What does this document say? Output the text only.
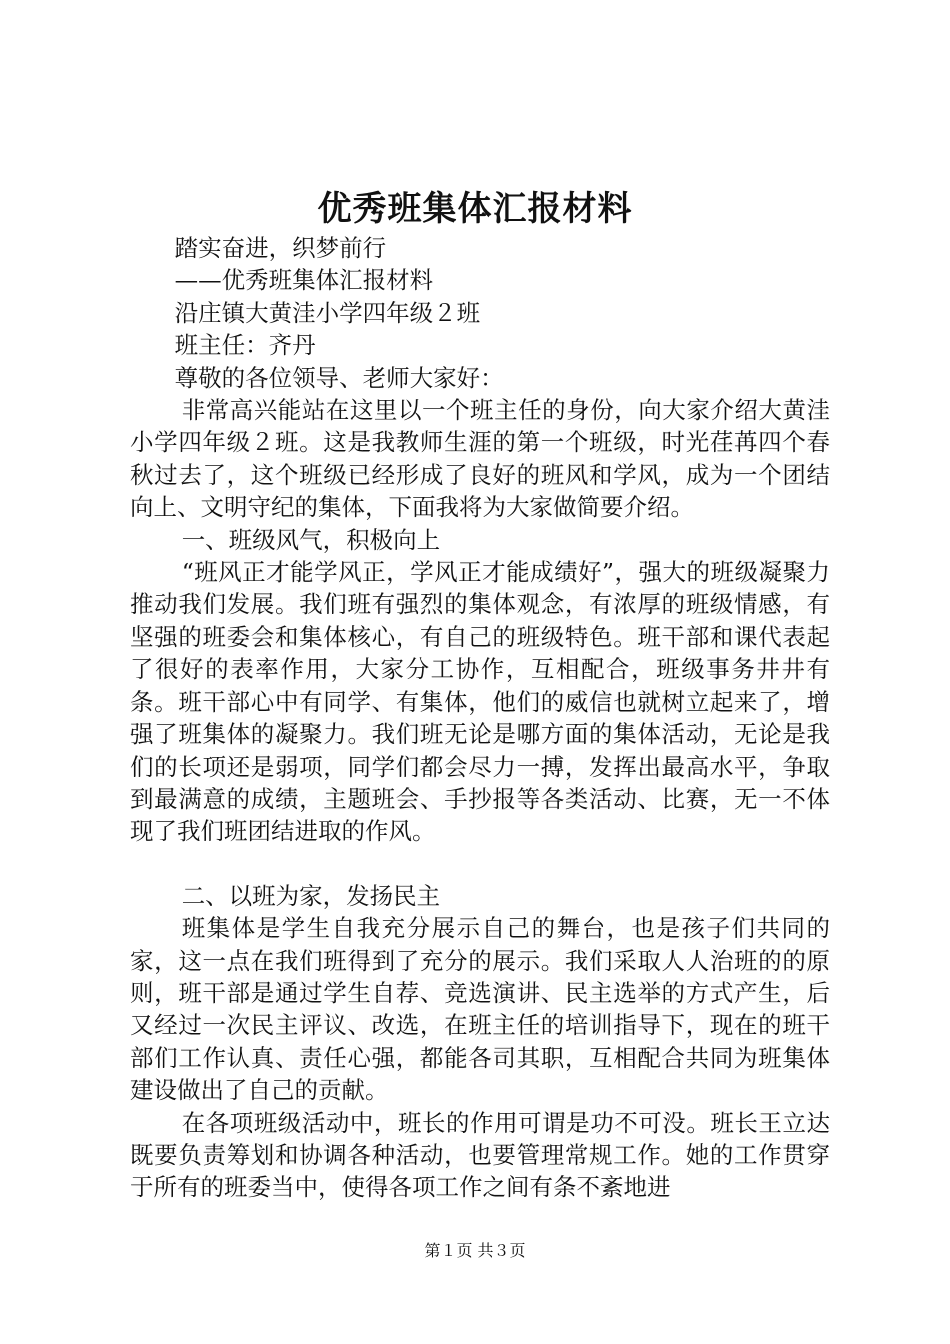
优秀班集体汇报材料

踏实奋进，织梦前行

——优秀班集体汇报材料

沿庄镇大黄洼小学四年级２班

班主任：齐丹

尊敬的各位领导、老师大家好：

非常高兴能站在这里以一个班主任的身份，向大家介绍大黄洼小学四年级２班。这是我教师生涯的第一个班级，时光荏苒四个春秋过去了，这个班级已经形成了良好的班风和学风，成为一个团结向上、文明守纪的集体，下面我将为大家做简要介绍。

一、班级风气，积极向上

“班风正才能学风正，学风正才能成绩好”，强大的班级凝聚力推动我们发展。我们班有强烈的集体观念，有浓厚的班级情感，有坚强的班委会和集体核心，有自己的班级特色。班干部和课代表起了很好的表率作用，大家分工协作，互相配合，班级事务井井有条。班干部心中有同学、有集体，他们的威信也就树立起来了，增强了班集体的凝聚力。我们班无论是哪方面的集体活动，无论是我们的长项还是弱项，同学们都会尽力一搏，发挥出最高水平，争取到最满意的成绩，主题班会、手抄报等各类活动、比赛，无一不体现了我们班团结进取的作风。

二、以班为家，发扬民主

班集体是学生自我充分展示自己的舞台，也是孩子们共同的家，这一点在我们班得到了充分的展示。我们采取人人治班的的原则，班干部是通过学生自荐、竞选演讲、民主选举的方式产生，后又经过一次民主评议、改选，在班主任的培训指导下，现在的班干部们工作认真、责任心强，都能各司其职，互相配合共同为班集体建设做出了自己的贡献。

在各项班级活动中，班长的作用可谓是功不可没。班长王立达既要负责筹划和协调各种活动，也要管理常规工作。她的工作贯穿于所有的班委当中，使得各项工作之间有条不紊地进

第１页 共３页
